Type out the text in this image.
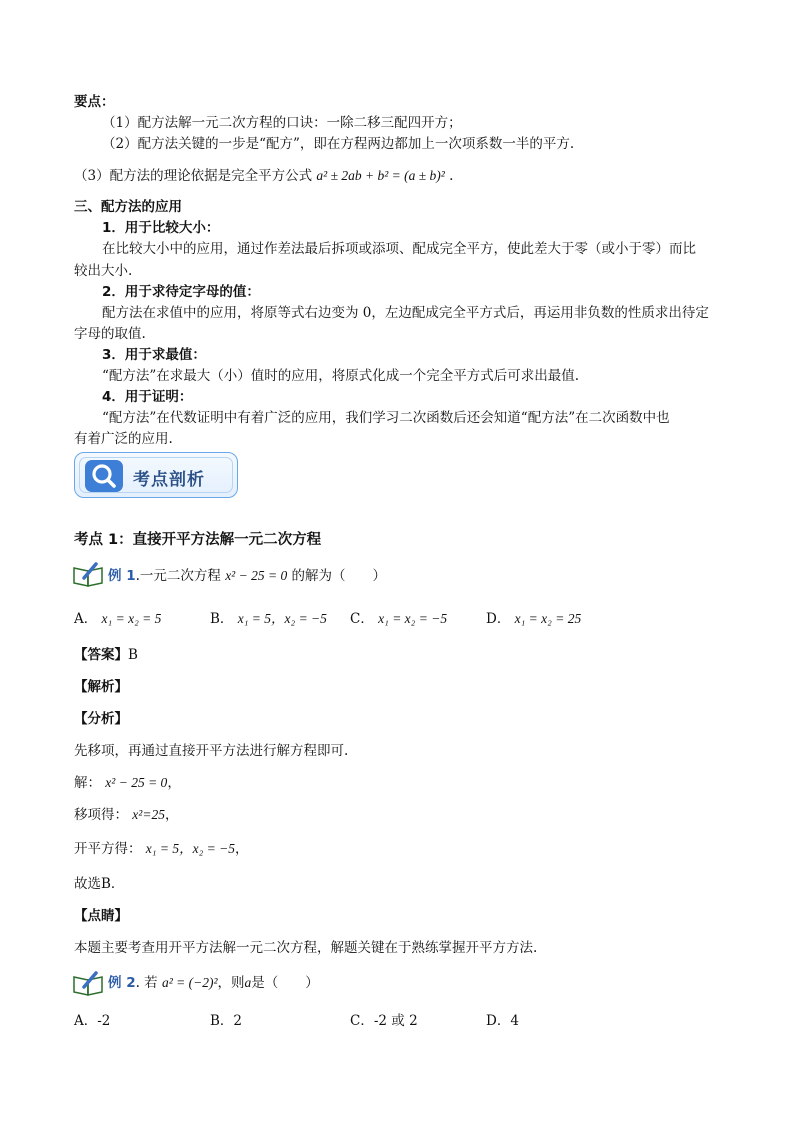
要点：
（1）配方法解一元二次方程的口诀：一除二移三配四开方；
（2）配方法关键的一步是“配方”，即在方程两边都加上一次项系数一半的平方.
（3）配方法的理论依据是完全平方公式 a² ± 2ab + b² = (a ± b)² .
三、配方法的应用
1．用于比较大小：
在比较大小中的应用，通过作差法最后拆项或添项、配成完全平方，使此差大于零（或小于零）而比
较出大小.
2．用于求待定字母的值：
配方法在求值中的应用，将原等式右边变为 0，左边配成完全平方式后，再运用非负数的性质求出待定
字母的取值.
3．用于求最值：
“配方法”在求最大（小）值时的应用，将原式化成一个完全平方式后可求出最值.
4．用于证明：
“配方法”在代数证明中有着广泛的应用，我们学习二次函数后还会知道“配方法”在二次函数中也
有着广泛的应用.
考点剖析
考点 1：直接开平方法解一元二次方程
例 1.一元二次方程 x² − 25 = 0 的解为（　　）
A． x₁ = x₂ = 5	B． x₁ = 5，x₂ = −5 C． x₁ = x₂ = −5	D． x₁ = x₂ = 25
【答案】B
【解析】
【分析】
先移项，再通过直接开平方法进行解方程即可.
解： x² − 25 = 0，
移项得： x²=25，
开平方得： x₁ = 5，x₂ = −5，
故选B．
【点睛】
本题主要考查用开平方法解一元二次方程，解题关键在于熟练掌握开平方方法.
例 2. 若 a² = (−2)²，则a是（　　）
A．-2	B．2	C．-2 或 2	D．4
